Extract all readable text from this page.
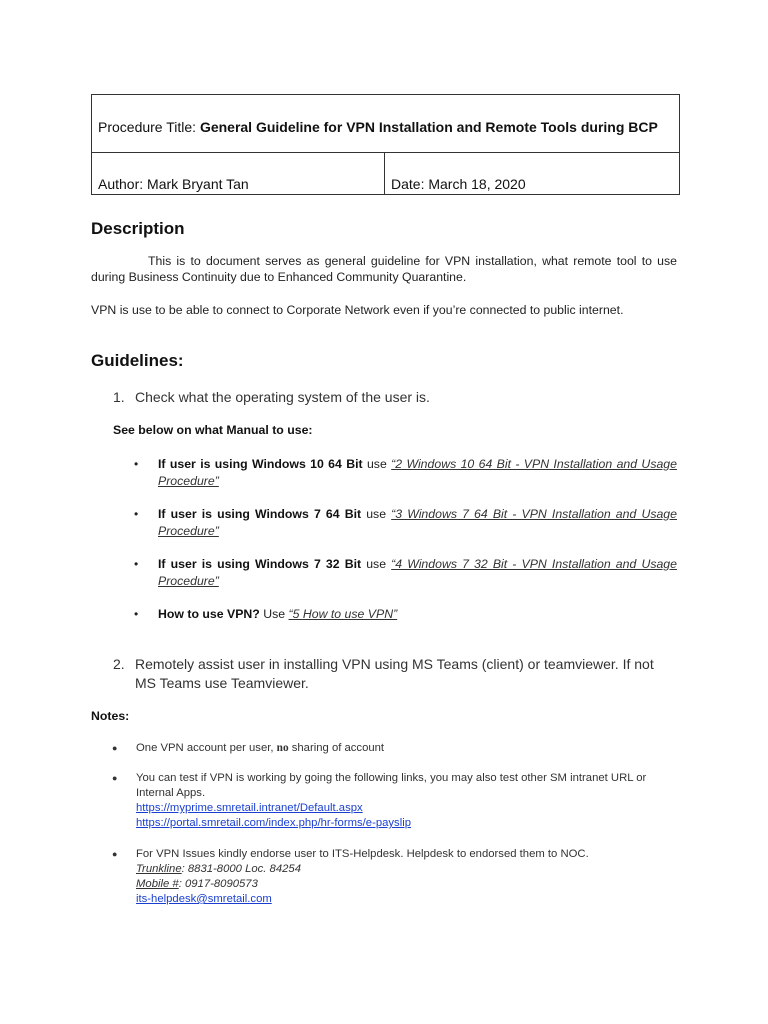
Procedure Title: General Guideline for VPN Installation and Remote Tools during BCP
Author: Mark Bryant Tan	Date: March 18, 2020
Description
This is to document serves as general guideline for VPN installation, what remote tool to use during Business Continuity due to Enhanced Community Quarantine.
VPN is use to be able to connect to Corporate Network even if you’re connected to public internet.
Guidelines:
1. Check what the operating system of the user is.
See below on what Manual to use:
• If user is using Windows 10 64 Bit use “2 Windows 10 64 Bit - VPN Installation and Usage Procedure”
• If user is using Windows 7 64 Bit use “3 Windows 7 64 Bit - VPN Installation and Usage Procedure”
• If user is using Windows 7 32 Bit use “4 Windows 7 32 Bit - VPN Installation and Usage Procedure”
• How to use VPN? Use “5 How to use VPN”
2. Remotely assist user in installing VPN using MS Teams (client) or teamviewer. If not MS Teams use Teamviewer.
Notes:
● One VPN account per user, no sharing of account
● You can test if VPN is working by going the following links, you may also test other SM intranet URL or Internal Apps.
https://myprime.smretail.intranet/Default.aspx
https://portal.smretail.com/index.php/hr-forms/e-payslip
● For VPN Issues kindly endorse user to ITS-Helpdesk. Helpdesk to endorsed them to NOC.
Trunkline: 8831-8000 Loc. 84254
Mobile #: 0917-8090573
its-helpdesk@smretail.com
